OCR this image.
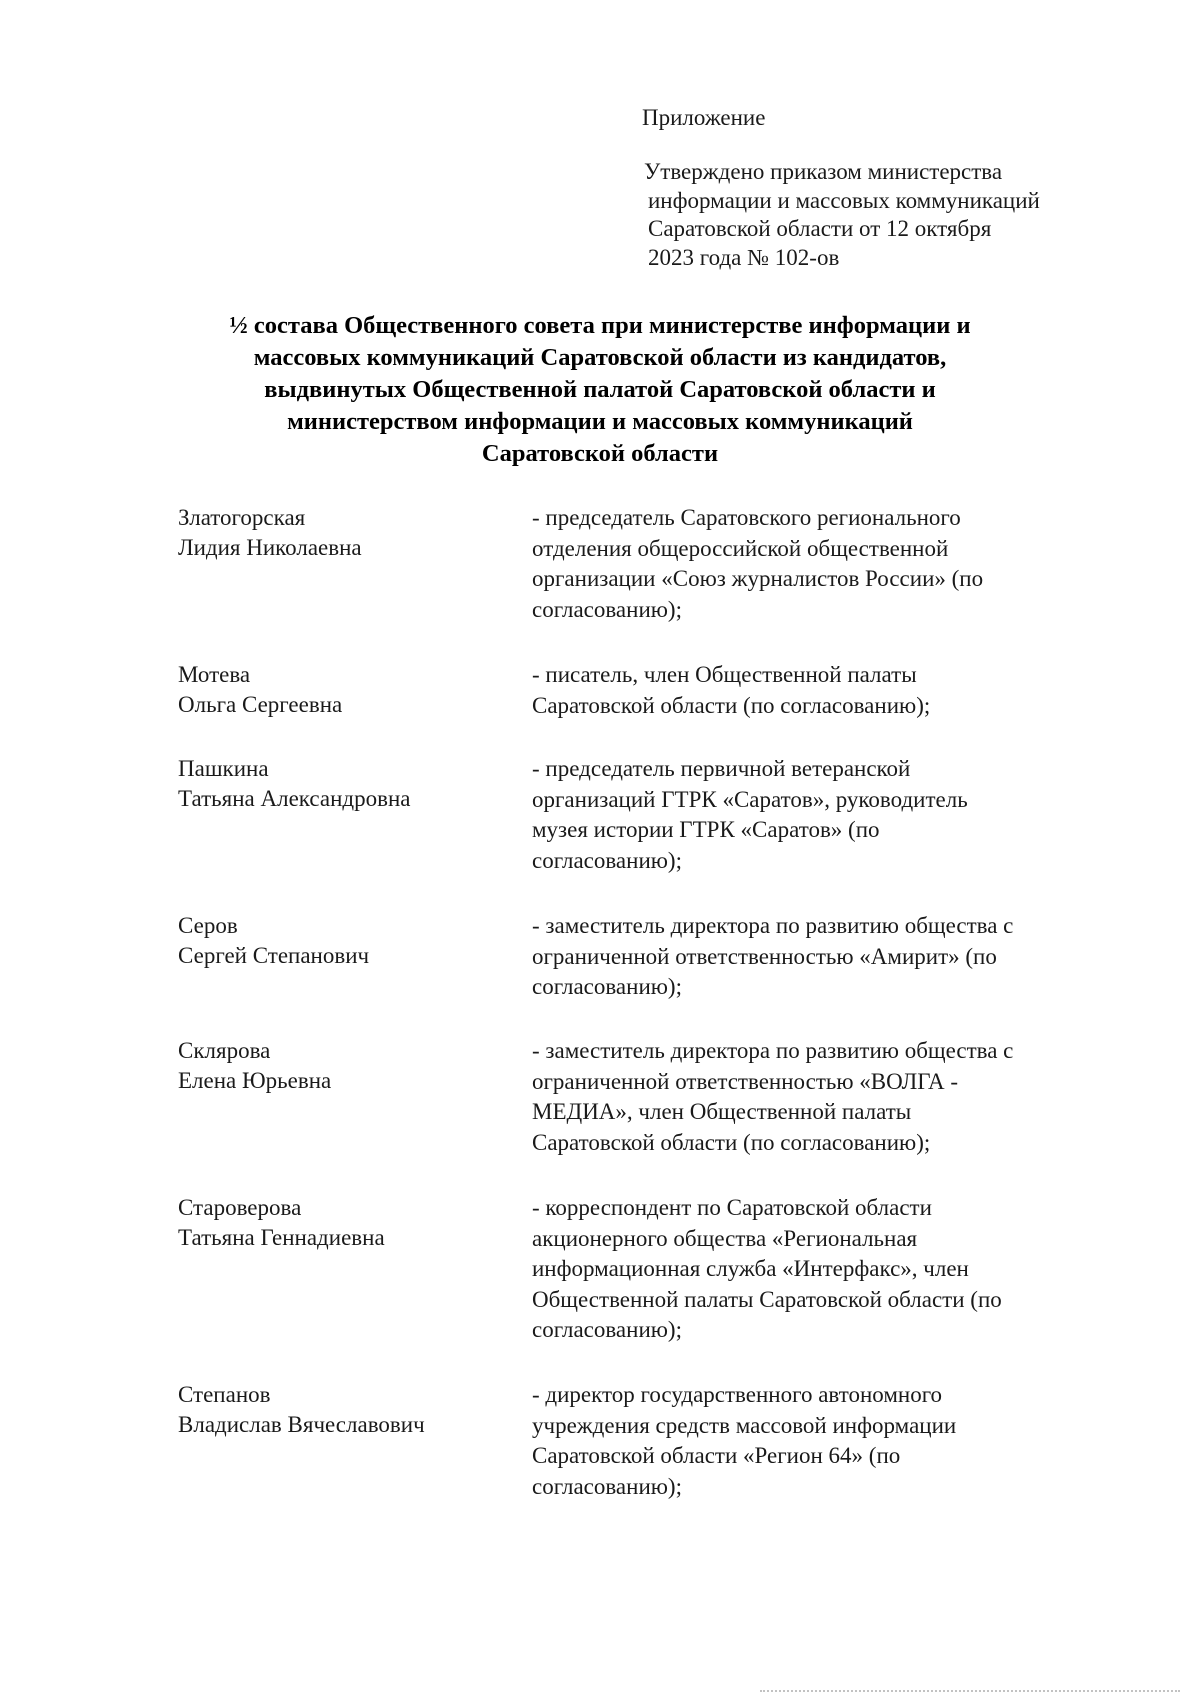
Приложение
Утверждено приказом министерства
информации и массовых коммуникаций
Саратовской области от 12 октября
2023 года № 102-ов
½ состава Общественного совета при министерстве информации и
массовых коммуникаций Саратовской области из кандидатов,
выдвинутых Общественной палатой Саратовской области и
министерством информации и массовых коммуникаций
Саратовской области
Златогорская
Лидия Николаевна
- председатель Саратовского регионального
отделения общероссийской общественной
организации «Союз журналистов России» (по
согласованию);
Мотева
Ольга Сергеевна
- писатель, член Общественной палаты
Саратовской области (по согласованию);
Пашкина
Татьяна Александровна
- председатель первичной ветеранской
организаций ГТРК «Саратов», руководитель
музея истории ГТРК «Саратов» (по
согласованию);
Серов
Сергей Степанович
- заместитель директора по развитию общества с
ограниченной ответственностью «Амирит» (по
согласованию);
Склярова
Елена Юрьевна
- заместитель директора по развитию общества с
ограниченной ответственностью «ВОЛГА -
МЕДИА», член Общественной палаты
Саратовской области (по согласованию);
Староверова
Татьяна Геннадиевна
- корреспондент по Саратовской области
акционерного общества «Региональная
информационная служба «Интерфакс», член
Общественной палаты Саратовской области (по
согласованию);
Степанов
Владислав Вячеславович
- директор государственного автономного
учреждения средств массовой информации
Саратовской области «Регион 64» (по
согласованию);
